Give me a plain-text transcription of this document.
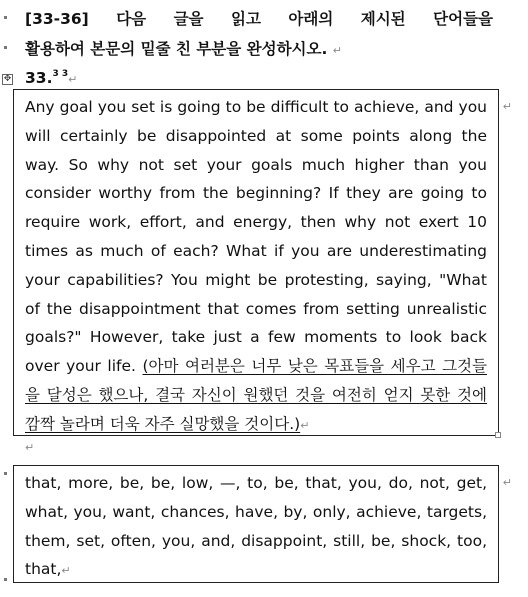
[33-36] 다음 글을 읽고 아래의 제시된 단어들을
활용하여 본문의 밑줄 친 부분을 완성하시오. ↵
33.$^{3 3}$↵
✥
Any goal you set is going to be difficult to achieve, and you will certainly be disappointed at some points along the way. So why not set your goals much higher than you consider worthy from the beginning? If they are going to require work, effort, and energy, then why not exert 10 times as much of each? What if you are underestimating your capabilities? You might be protesting, saying, "What of the disappointment that comes from setting unrealistic goals?" However, take just a few moments to look back over your life. (아마 여러분은 너무 낮은 목표들을 세우고 그것들을 달성은 했으나, 결국 자신이 원했던 것을 여전히 얻지 못한 것에 깜짝 놀라며 더욱 자주 실망했을 것이다.)↵
↵
↵
that, more, be, be, low, —, to, be, that, you, do, not, get, what, you, want, chances, have, by, only, achieve, targets, them, set, often, you, and, disappoint, still, be, shock, too, that,↵
↵
